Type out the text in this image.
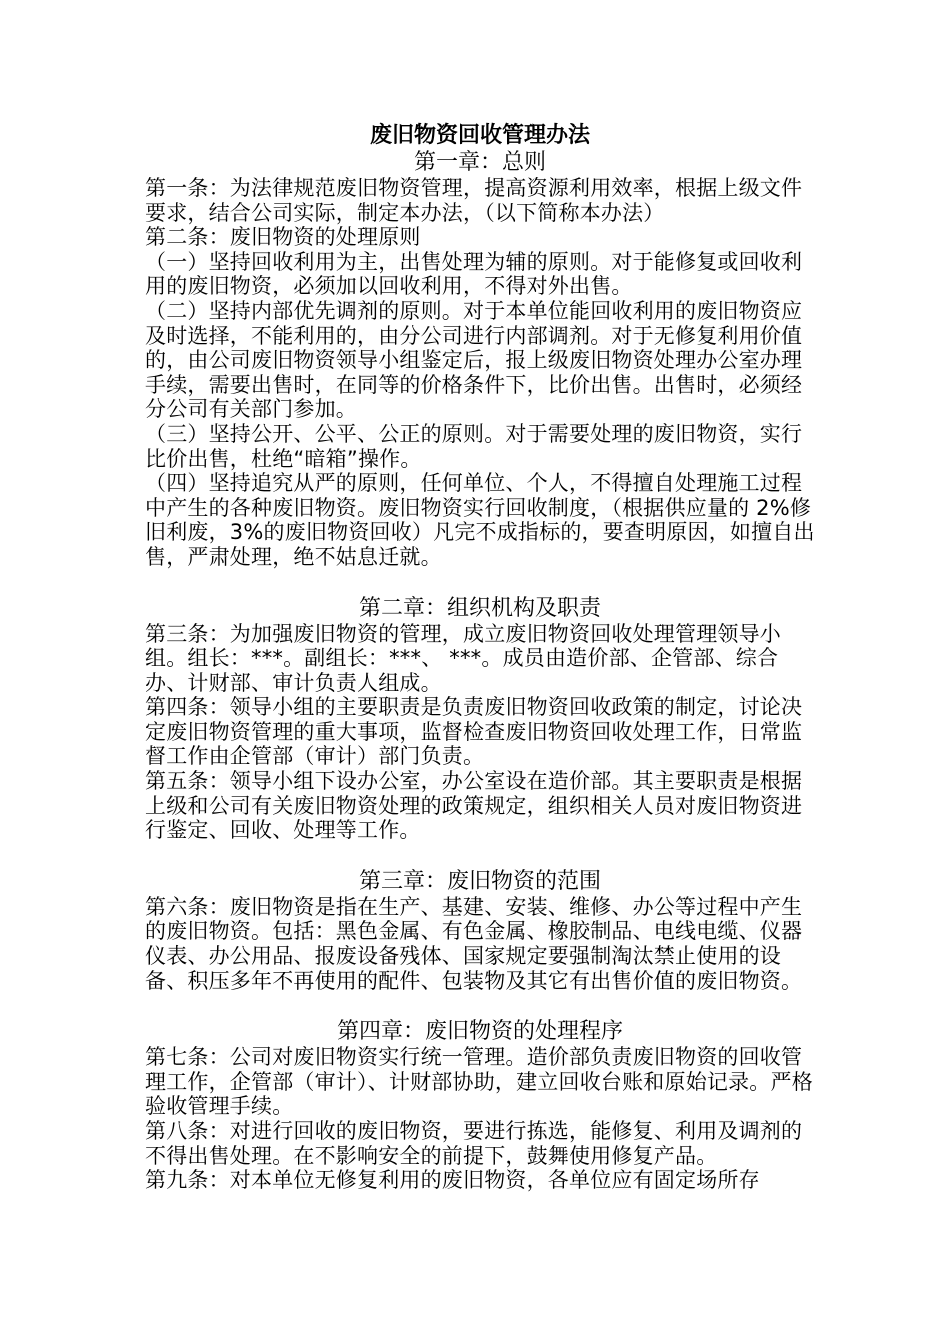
废旧物资回收管理办法
第一章：总则

第一条：为法律规范废旧物资管理，提高资源利用效率，根据上级文件要求，结合公司实际，制定本办法，（以下简称本办法）

第二条：废旧物资的处理原则

（一）坚持回收利用为主，出售处理为辅的原则。对于能修复或回收利用的废旧物资，必须加以回收利用，不得对外出售。

（二）坚持内部优先调剂的原则。对于本单位能回收利用的废旧物资应及时选择，不能利用的，由分公司进行内部调剂。对于无修复利用价值的，由公司废旧物资领导小组鉴定后，报上级废旧物资处理办公室办理手续，需要出售时，在同等的价格条件下，比价出售。出售时，必须经分公司有关部门参加。

（三）坚持公开、公平、公正的原则。对于需要处理的废旧物资，实行比价出售，杜绝“暗箱”操作。

（四）坚持追究从严的原则，任何单位、个人，不得擅自处理施工过程中产生的各种废旧物资。废旧物资实行回收制度，（根据供应量的 2%修旧利废，3%的废旧物资回收）凡完不成指标的，要查明原因，如擅自出售，严肃处理，绝不姑息迁就。

第二章：组织机构及职责

第三条：为加强废旧物资的管理，成立废旧物资回收处理管理领导小组。组长：***。副组长：***、 ***。成员由造价部、企管部、综合办、计财部、审计负责人组成。

第四条：领导小组的主要职责是负责废旧物资回收政策的制定，讨论决定废旧物资管理的重大事项，监督检查废旧物资回收处理工作，日常监督工作由企管部（审计）部门负责。

第五条：领导小组下设办公室，办公室设在造价部。其主要职责是根据上级和公司有关废旧物资处理的政策规定，组织相关人员对废旧物资进行鉴定、回收、处理等工作。

第三章：废旧物资的范围

第六条：废旧物资是指在生产、基建、安装、维修、办公等过程中产生的废旧物资。包括：黑色金属、有色金属、橡胶制品、电线电缆、仪器仪表、办公用品、报废设备残体、国家规定要强制淘汰禁止使用的设备、积压多年不再使用的配件、包装物及其它有出售价值的废旧物资。

第四章：废旧物资的处理程序

第七条：公司对废旧物资实行统一管理。造价部负责废旧物资的回收管理工作，企管部（审计）、计财部协助，建立回收台账和原始记录。严格验收管理手续。

第八条：对进行回收的废旧物资，要进行拣选，能修复、利用及调剂的不得出售处理。在不影响安全的前提下，鼓舞使用修复产品。

第九条：对本单位无修复利用的废旧物资，各单位应有固定场所存
